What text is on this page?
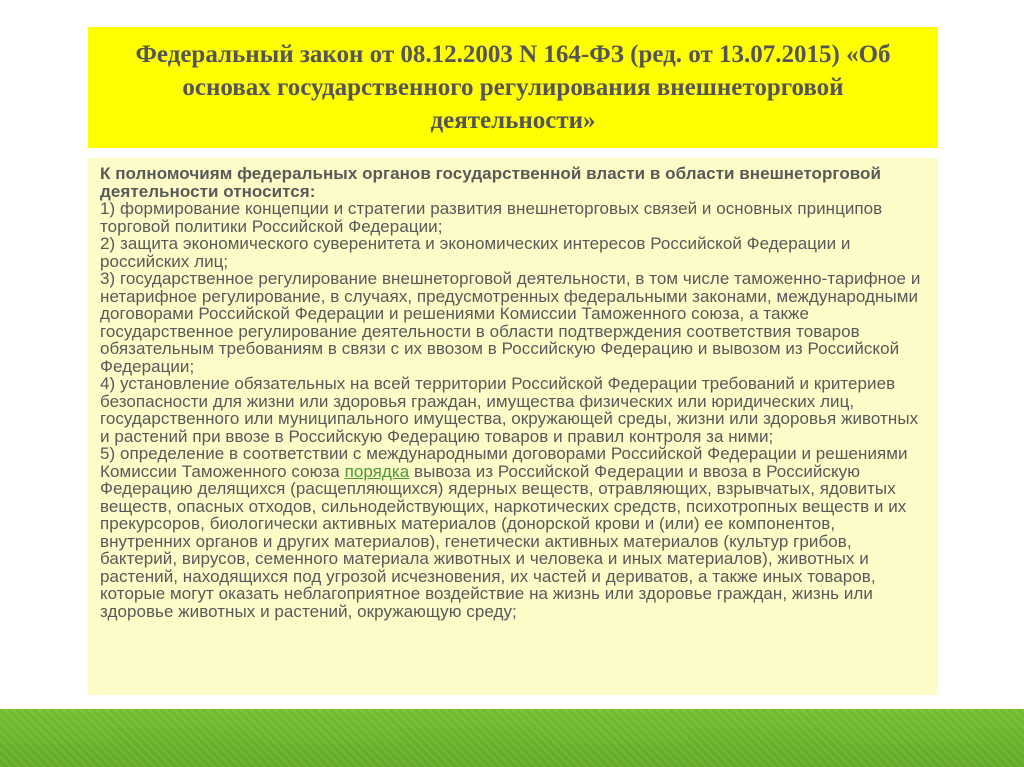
Федеральный закон от 08.12.2003 N 164-ФЗ (ред. от 13.07.2015) «Об основах государственного регулирования внешнеторговой деятельности»
К полномочиям федеральных органов государственной власти в области внешнеторговой деятельности относится:

1) формирование концепции и стратегии развития внешнеторговых связей и основных принципов торговой политики Российской Федерации;

2) защита экономического суверенитета и экономических интересов Российской Федерации и российских лиц;

3) государственное регулирование внешнеторговой деятельности, в том числе таможенно-тарифное и нетарифное регулирование, в случаях, предусмотренных федеральными законами, международными договорами Российской Федерации и решениями Комиссии Таможенного союза, а также государственное регулирование деятельности в области подтверждения соответствия товаров обязательным требованиям в связи с их ввозом в Российскую Федерацию и вывозом из Российской Федерации;

4) установление обязательных на всей территории Российской Федерации требований и критериев безопасности для жизни или здоровья граждан, имущества физических или юридических лиц, государственного или муниципального имущества, окружающей среды, жизни или здоровья животных и растений при ввозе в Российскую Федерацию товаров и правил контроля за ними;

5) определение в соответствии с международными договорами Российской Федерации и решениями Комиссии Таможенного союза порядка вывоза из Российской Федерации и ввоза в Российскую Федерацию делящихся (расщепляющихся) ядерных веществ, отравляющих, взрывчатых, ядовитых веществ, опасных отходов, сильнодействующих, наркотических средств, психотропных веществ и их прекурсоров, биологически активных материалов (донорской крови и (или) ее компонентов, внутренних органов и других материалов), генетически активных материалов (культур грибов, бактерий, вирусов, семенного материала животных и человека и иных материалов), животных и растений, находящихся под угрозой исчезновения, их частей и дериватов, а также иных товаров, которые могут оказать неблагоприятное воздействие на жизнь или здоровье граждан, жизнь или здоровье животных и растений, окружающую среду;
